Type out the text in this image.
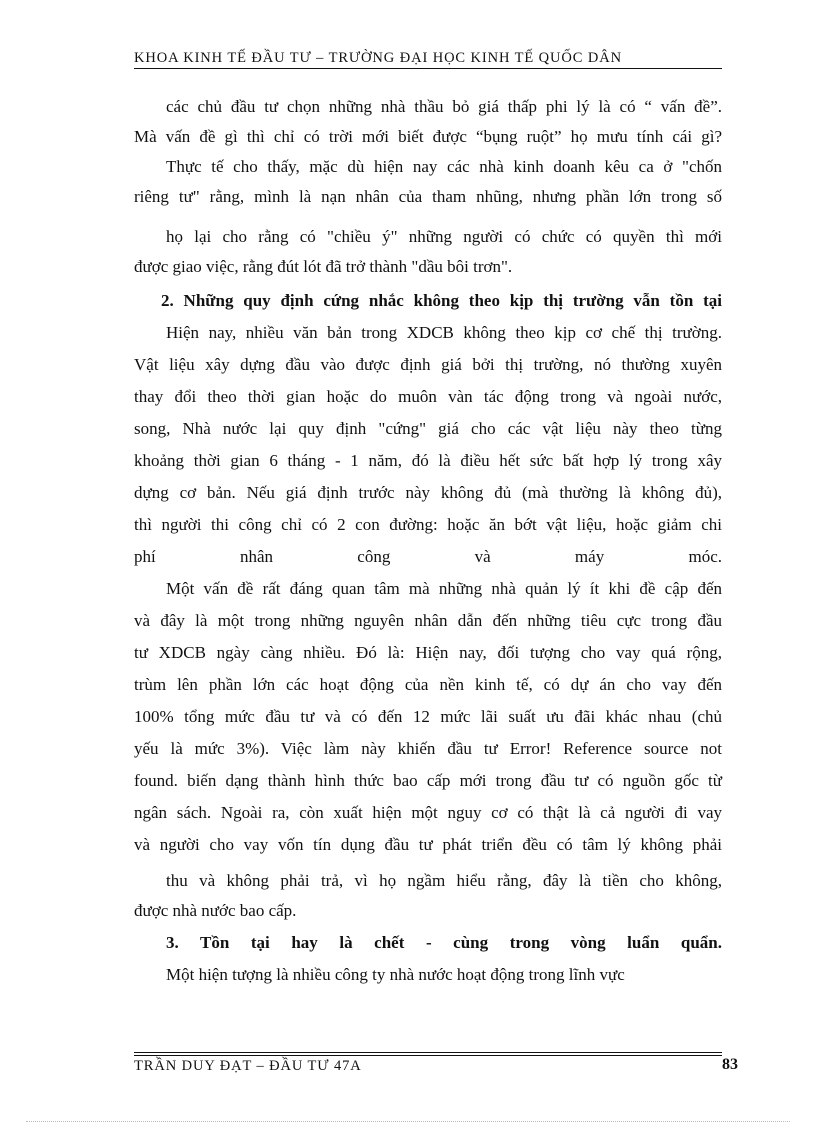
KHOA KINH TẾ ĐẦU TƯ – TRƯỜNG ĐẠI HỌC KINH TẾ QUỐC DÂN
các chủ đầu tư chọn những nhà thầu bỏ giá thấp phi lý là có “ vấn đề”.
Mà vấn đề gì thì chỉ có trời mới biết được “bụng ruột” họ mưu tính cái gì?
Thực tế cho thấy, mặc dù hiện nay các nhà kinh doanh kêu ca ở "chốn
riêng tư" rằng, mình là nạn nhân của tham nhũng, nhưng phần lớn trong số
họ lại cho rằng có "chiều ý" những người có chức có quyền thì mới
được giao việc, rằng đút lót đã trở thành "dầu bôi trơn".
2. Những quy định cứng nhắc không theo kịp thị trường vẫn tồn tại
Hiện nay, nhiều văn bản trong XDCB không theo kịp cơ chế thị trường.
Vật liệu xây dựng đầu vào được định giá bởi thị trường, nó thường xuyên
thay đổi theo thời gian hoặc do muôn vàn tác động trong và ngoài nước,
song, Nhà nước lại quy định "cứng" giá cho các vật liệu này theo từng
khoảng thời gian 6 tháng - 1 năm, đó là điều hết sức bất hợp lý trong xây
dựng cơ bản. Nếu giá định trước này không đủ (mà thường là không đủ),
thì người thi công chỉ có 2 con đường: hoặc ăn bớt vật liệu, hoặc giảm chi
phí nhân công và máy móc.
Một vấn đề rất đáng quan tâm mà những nhà quản lý ít khi đề cập đến
và đây là một trong những nguyên nhân dẫn đến những tiêu cực trong đầu
tư XDCB ngày càng nhiều. Đó là: Hiện nay, đối tượng cho vay quá rộng,
trùm lên phần lớn các hoạt động của nền kinh tế, có dự án cho vay đến
100% tổng mức đầu tư và có đến 12 mức lãi suất ưu đãi khác nhau (chủ
yếu là mức 3%). Việc làm này khiến đầu tư Error! Reference source not
found. biến dạng thành hình thức bao cấp mới trong đầu tư có nguồn gốc từ
ngân sách. Ngoài ra, còn xuất hiện một nguy cơ có thật là cả người đi vay
và người cho vay vốn tín dụng đầu tư phát triển đều có tâm lý không phải
thu và không phải trả, vì họ ngầm hiểu rằng, đây là tiền cho không,
được nhà nước bao cấp.
3. Tồn tại hay là chết - cùng trong vòng luẩn quẩn.
Một hiện tượng là nhiều công ty nhà nước hoạt động trong lĩnh vực
TRẦN DUY ĐẠT – ĐẦU TƯ 47A	83
